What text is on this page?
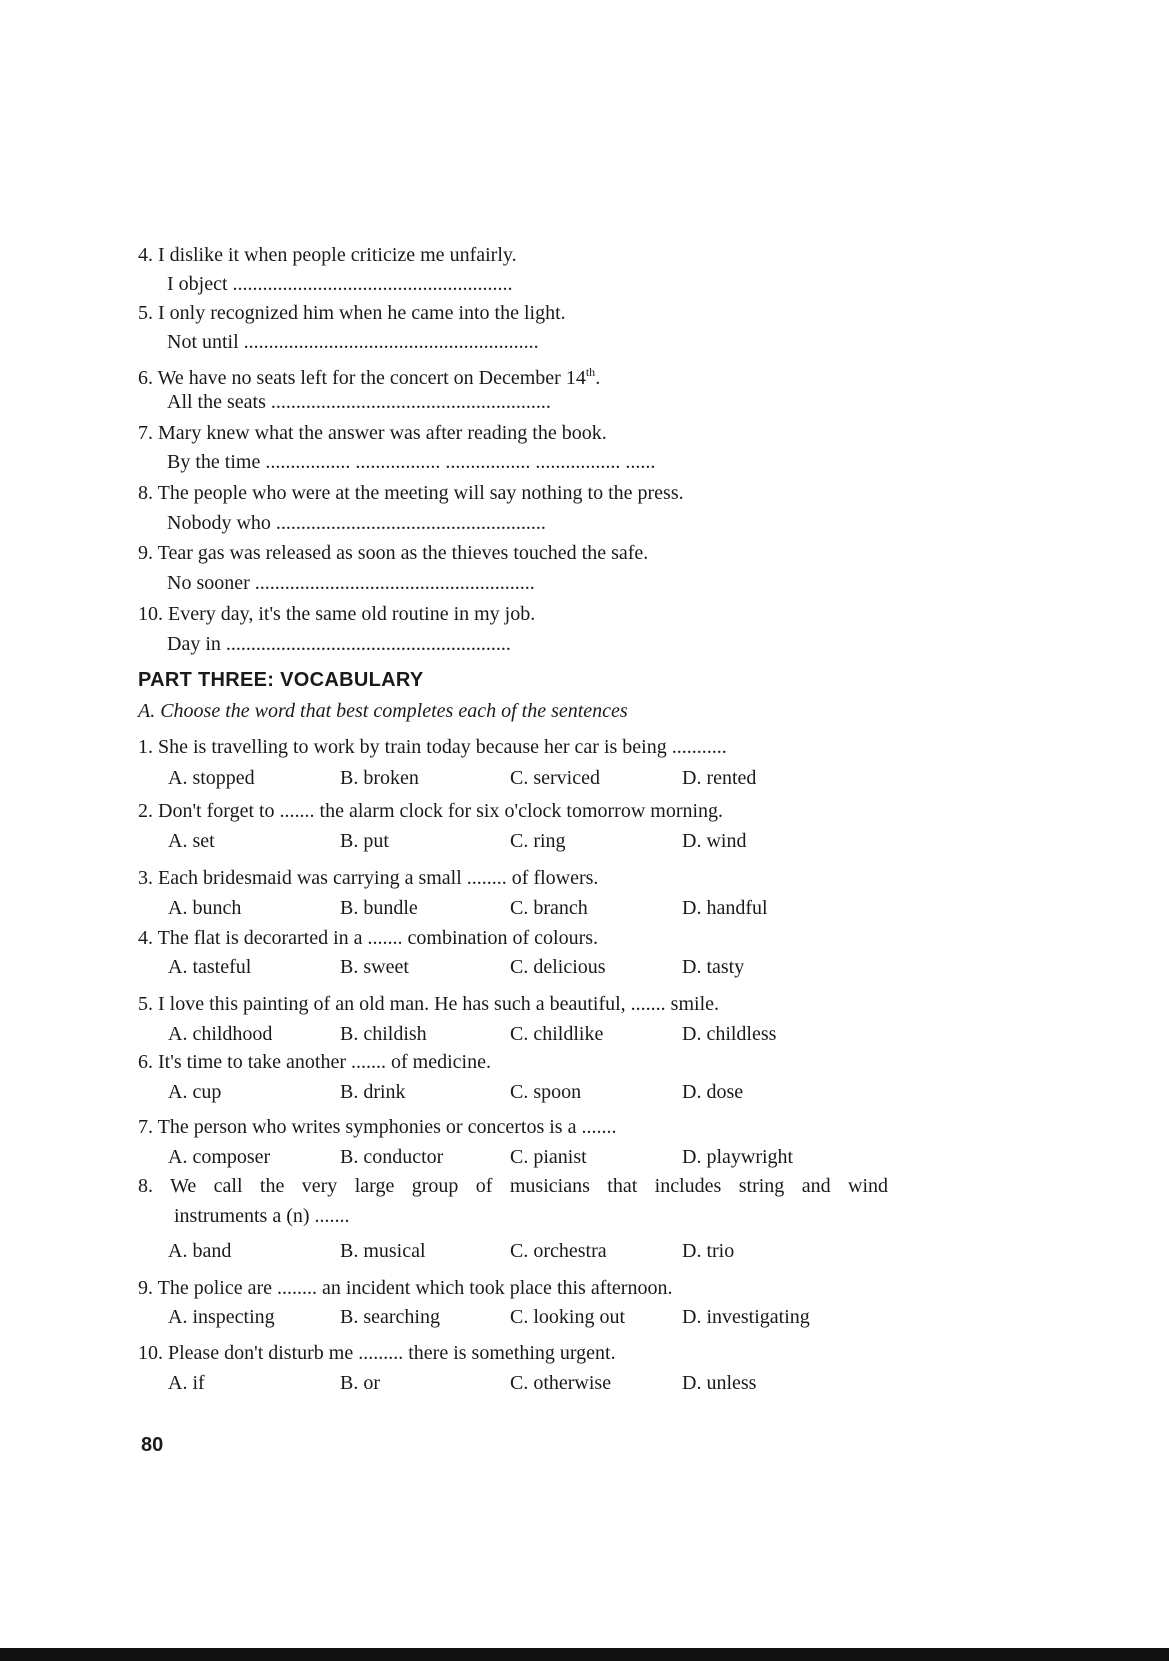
4. I dislike it when people criticize me unfairly.
I object ........................................................
5. I only recognized him when he came into the light.
Not until ...........................................................
6. We have no seats left for the concert on December 14th.
All the seats ........................................................
7. Mary knew what the answer was after reading the book.
By the time ................. ................. ................. ................. ......
8. The people who were at the meeting will say nothing to the press.
Nobody who ......................................................
9. Tear gas was released as soon as the thieves touched the safe.
No sooner ........................................................
10. Every day, it's the same old routine in my job.
Day in .........................................................
PART THREE: VOCABULARY
A. Choose the word that best completes each of the sentences
1. She is travelling to work by train today because her car is being ...........
A. stopped	B. broken	C. serviced	D. rented
2. Don't forget to ....... the alarm clock for six o'clock tomorrow morning.
A. set	B. put	C. ring	D. wind
3. Each bridesmaid was carrying a small ........ of flowers.
A. bunch	B. bundle	C. branch	D. handful
4. The flat is decorarted in a ....... combination of colours.
A. tasteful	B. sweet	C. delicious	D. tasty
5. I love this painting of an old man. He has such a beautiful, ....... smile.
A. childhood	B. childish	C. childlike	D. childless
6. It's time to take another ....... of medicine.
A. cup	B. drink	C. spoon	D. dose
7. The person who writes symphonies or concertos is a .......
A. composer	B. conductor	C. pianist	D. playwright
8. We call the very large group of musicians that includes string and wind
instruments a (n) .......
A. band	B. musical	C. orchestra	D. trio
9. The police are ........ an incident which took place this afternoon.
A. inspecting	B. searching	C. looking out	D. investigating
10. Please don't disturb me ......... there is something urgent.
A. if	B. or	C. otherwise	D. unless
80
